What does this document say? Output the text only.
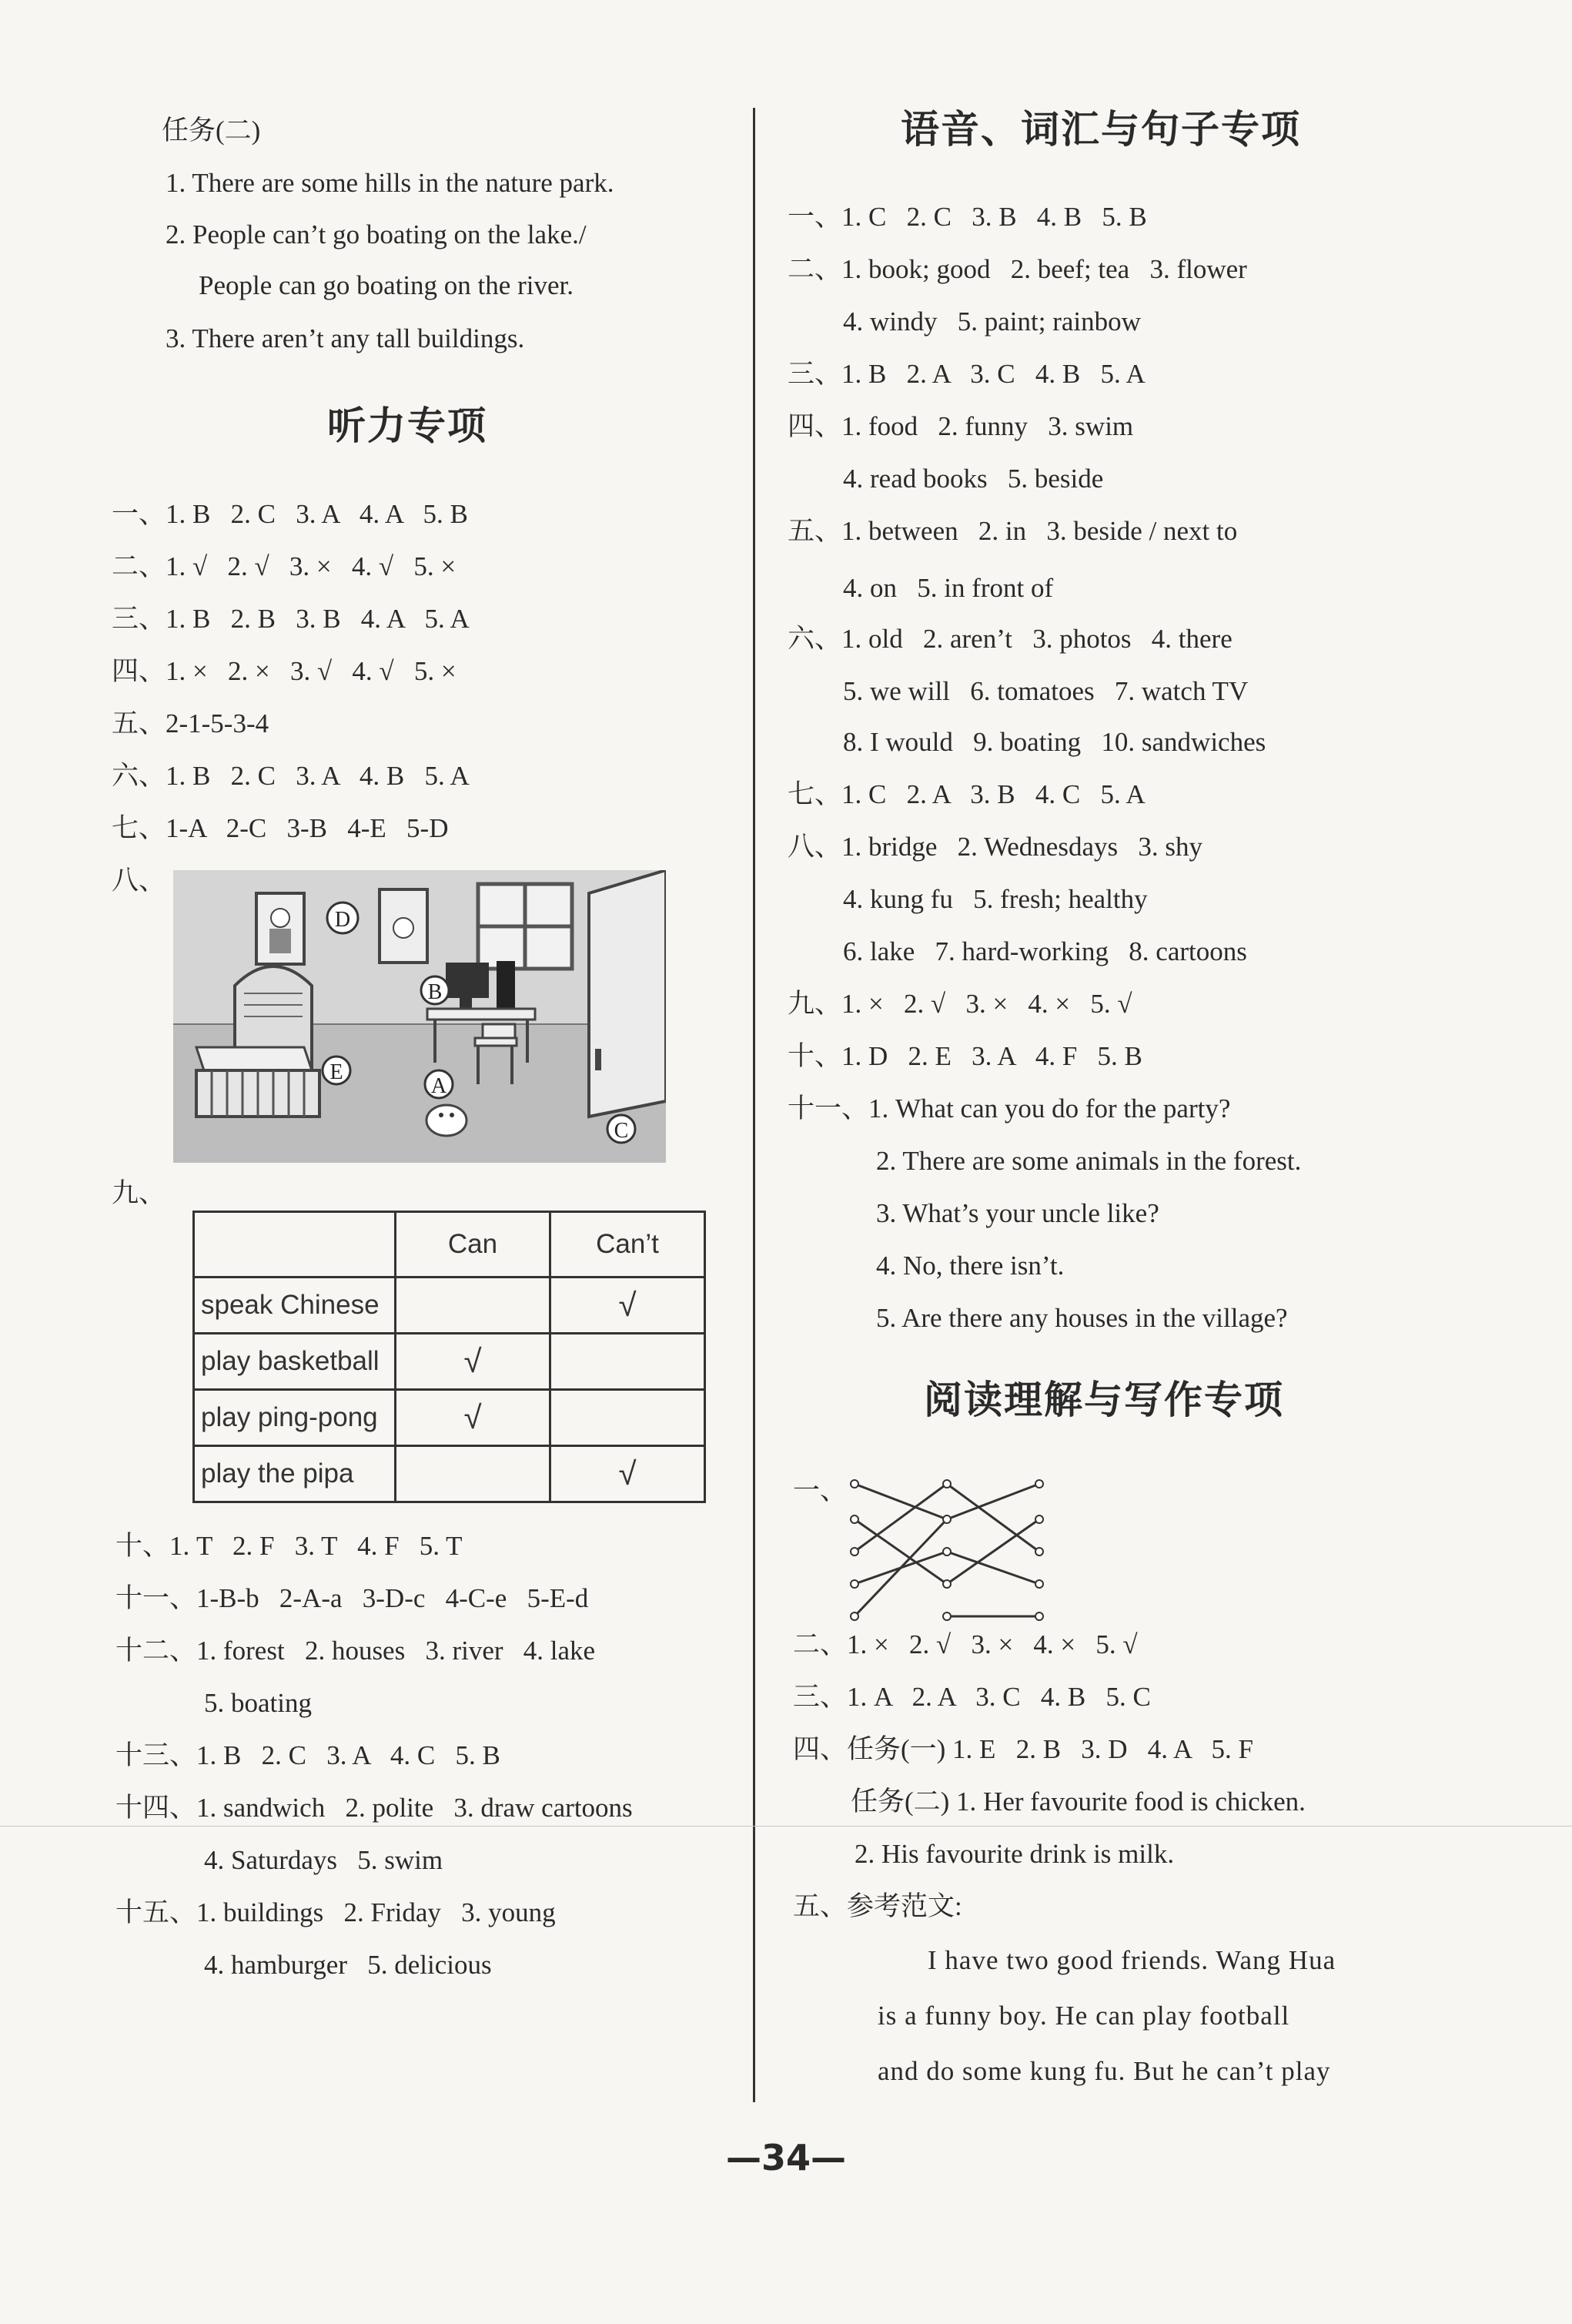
任务(二)
1. There are some hills in the nature park.
2. People can’t go boating on the lake./
People can go boating on the river.
3. There aren’t any tall buildings.
听力专项
一、1. B   2. C   3. A   4. A   5. B
二、1. √   2. √   3. ×   4. √   5. ×
三、1. B   2. B   3. B   4. A   5. A
四、1. ×   2. ×   3. √   4. √   5. ×
五、2-1-5-3-4
六、1. B   2. C   3. A   4. B   5. A
七、1-A   2-C   3-B   4-E   5-D
八、
A
B
C
D
E
九、
	Can	Can’t
speak Chinese		√
play basketball	√	
play ping-pong	√	
play the pipa		√
十、1. T   2. F   3. T   4. F   5. T
十一、1-B-b   2-A-a   3-D-c   4-C-e   5-E-d
十二、1. forest   2. houses   3. river   4. lake
5. boating
十三、1. B   2. C   3. A   4. C   5. B
十四、1. sandwich   2. polite   3. draw cartoons
4. Saturdays   5. swim
十五、1. buildings   2. Friday   3. young
4. hamburger   5. delicious
语音、词汇与句子专项
一、1. C   2. C   3. B   4. B   5. B
二、1. book; good   2. beef; tea   3. flower
4. windy   5. paint; rainbow
三、1. B   2. A   3. C   4. B   5. A
四、1. food   2. funny   3. swim
4. read books   5. beside
五、1. between   2. in   3. beside / next to
4. on   5. in front of
六、1. old   2. aren’t   3. photos   4. there
5. we will   6. tomatoes   7. watch TV
8. I would   9. boating   10. sandwiches
七、1. C   2. A   3. B   4. C   5. A
八、1. bridge   2. Wednesdays   3. shy
4. kung fu   5. fresh; healthy
6. lake   7. hard-working   8. cartoons
九、1. ×   2. √   3. ×   4. ×   5. √
十、1. D   2. E   3. A   4. F   5. B
十一、1. What can you do for the party?
2. There are some animals in the forest.
3. What’s your uncle like?
4. No, there isn’t.
5. Are there any houses in the village?
阅读理解与写作专项
一、
二、1. ×   2. √   3. ×   4. ×   5. √
三、1. A   2. A   3. C   4. B   5. C
四、任务(一) 1. E   2. B   3. D   4. A   5. F
任务(二) 1. Her favourite food is chicken.
2. His favourite drink is milk.
五、参考范文:
I have two good friends. Wang Hua
is a funny boy. He can play football
and do some kung fu. But he can’t play
—34—
